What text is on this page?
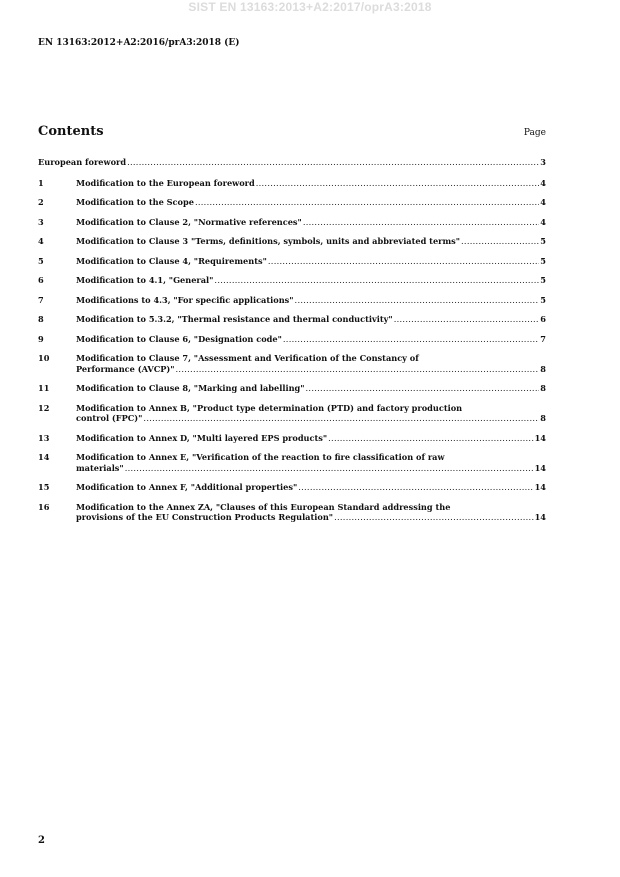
SIST EN 13163:2013+A2:2017/oprA3:2018
EN 13163:2012+A2:2016/prA3:2018 (E)
Contents	Page
European foreword .....	3
1	Modification to the European foreword .....	4
2	Modification to the Scope .....	4
3	Modification to Clause 2, "Normative references" .....	4
4	Modification to Clause 3 "Terms, definitions, symbols, units and abbreviated terms" .....	5
5	Modification to Clause 4, "Requirements" .....	5
6	Modification to 4.1, "General" .....	5
7	Modifications to 4.3, "For specific applications" .....	5
8	Modification to 5.3.2, "Thermal resistance and thermal conductivity" .....	6
9	Modification to Clause 6, "Designation code" .....	7
10	Modification to Clause 7, "Assessment and Verification of the Constancy of
Performance (AVCP)" .....	8
11	Modification to Clause 8, "Marking and labelling" .....	8
12	Modification to Annex B, "Product type determination (PTD) and factory production
control (FPC)" .....	8
13	Modification to Annex D, "Multi layered EPS products" .....	14
14	Modification to Annex E, "Verification of the reaction to fire classification of raw
materials" .....	14
15	Modification to Annex F, "Additional properties" .....	14
16	Modification to the Annex ZA, "Clauses of this European Standard addressing the
provisions of the EU Construction Products Regulation" .....	14
2
